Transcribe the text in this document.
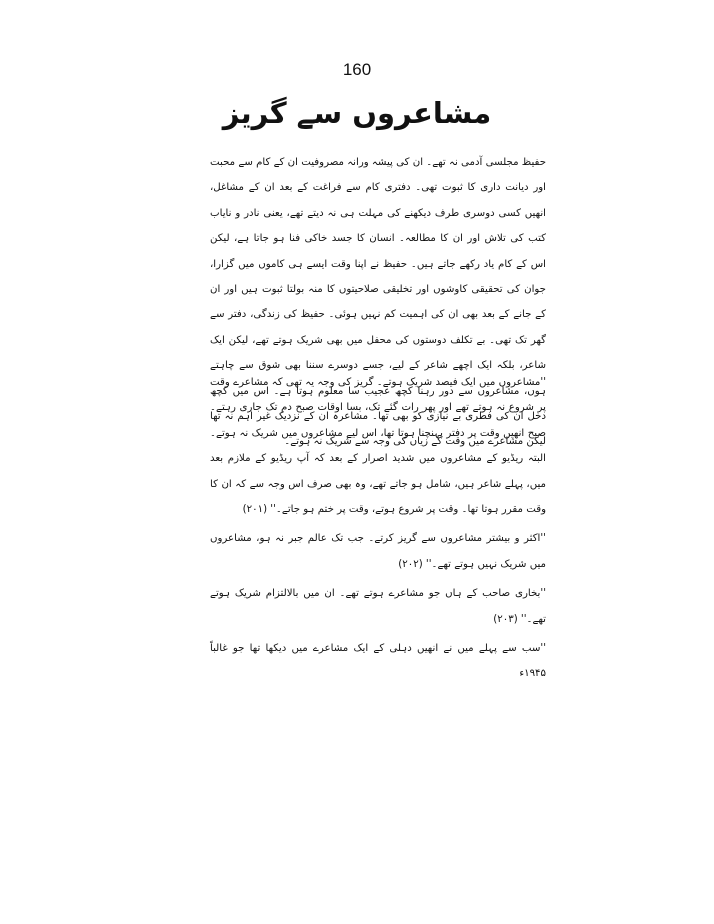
160
مشاعروں سے گریز
حفیظ مجلسی آدمی نہ تھے۔ ان کی پیشہ ورانہ مصروفیت ان کے کام سے محبت اور دیانت داری کا ثبوت تھی۔ دفتری کام سے فراغت کے بعد ان کے مشاغل، انھیں کسی دوسری طرف دیکھنے کی مہلت ہی نہ دیتے تھے، یعنی نادر و نایاب کتب کی تلاش اور ان کا مطالعہ۔ انسان کا جسد خاکی فنا ہو جاتا ہے، لیکن اس کے کام یاد رکھے جاتے ہیں۔ حفیظ نے اپنا وقت ایسے ہی کاموں میں گزارا، جوان کی تحقیقی کاوشوں اور تخلیقی صلاحیتوں کا منہ بولتا ثبوت ہیں اور ان کے جانے کے بعد بھی ان کی اہمیت کم نہیں ہوئی۔ حفیظ کی زندگی، دفتر سے گھر تک تھی۔ بے تکلف دوستوں کی محفل میں بھی شریک ہوتے تھے، لیکن ایک شاعر، بلکہ ایک اچھے شاعر کے لیے، جسے دوسرے سننا بھی شوق سے چاہتے ہوں، مشاعروں سے دور رہنا کچھ عجیب سا معلوم ہوتا ہے۔ اس میں کچھ دخل ان کی فطری بے نیازی کو بھی تھا۔ مشاعرہ ان کے نزدیک غیر اہم نہ تھا لیکن مشاعرے میں وقت کے زیاں کی وجہ سے شریک نہ ہوتے۔

''مشاعروں میں ایک فیصد شریک ہوتے۔ گریز کی وجہ یہ تھی کہ مشاعرے وقت پر شروع نہ ہوتے تھے اور پھر رات گئے تک، بسا اوقات صبح دم تک جاری رہتے۔ صبح انھیں وقت پر دفتر پہنچنا ہوتا تھا، اس لیے مشاعروں میں شریک نہ ہوتے۔ البتہ ریڈیو کے مشاعروں میں شدید اصرار کے بعد کہ آپ ریڈیو کے ملازم بعد میں، پہلے شاعر ہیں، شامل ہو جاتے تھے، وہ بھی صرف اس وجہ سے کہ ان کا وقت مقرر ہوتا تھا۔ وقت پر شروع ہوتے، وقت پر ختم ہو جاتے۔'' (۲۰۱)

''اکثر و بیشتر مشاعروں سے گریز کرتے۔ جب تک عالم جبر نہ ہو، مشاعروں میں شریک نہیں ہوتے تھے۔'' (۲۰۲)

''بخاری صاحب کے ہاں جو مشاعرے ہوتے تھے۔ ان میں بالالتزام شریک ہوتے تھے۔'' (۲۰۳)

''سب سے پہلے میں نے انھیں دہلی کے ایک مشاعرے میں دیکھا تھا جو غالباً ۱۹۴۵ء
